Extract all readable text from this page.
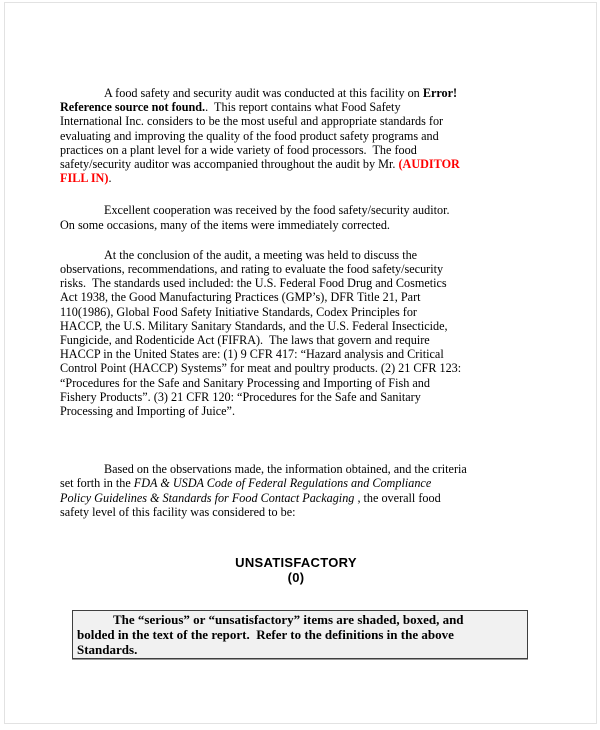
A food safety and security audit was conducted at this facility on Error!
Reference source not found..  This report contains what Food Safety
International Inc. considers to be the most useful and appropriate standards for
evaluating and improving the quality of the food product safety programs and
practices on a plant level for a wide variety of food processors.  The food
safety/security auditor was accompanied throughout the audit by Mr. (AUDITOR
FILL IN).
Excellent cooperation was received by the food safety/security auditor.
On some occasions, many of the items were immediately corrected.
At the conclusion of the audit, a meeting was held to discuss the
observations, recommendations, and rating to evaluate the food safety/security
risks.  The standards used included: the U.S. Federal Food Drug and Cosmetics
Act 1938, the Good Manufacturing Practices (GMP’s), DFR Title 21, Part
110(1986), Global Food Safety Initiative Standards, Codex Principles for
HACCP, the U.S. Military Sanitary Standards, and the U.S. Federal Insecticide,
Fungicide, and Rodenticide Act (FIFRA).  The laws that govern and require
HACCP in the United States are: (1) 9 CFR 417: “Hazard analysis and Critical
Control Point (HACCP) Systems” for meat and poultry products. (2) 21 CFR 123:
“Procedures for the Safe and Sanitary Processing and Importing of Fish and
Fishery Products”. (3) 21 CFR 120: “Procedures for the Safe and Sanitary
Processing and Importing of Juice”.
Based on the observations made, the information obtained, and the criteria
set forth in the FDA & USDA Code of Federal Regulations and Compliance
Policy Guidelines & Standards for Food Contact Packaging , the overall food
safety level of this facility was considered to be:
UNSATISFACTORY
(0)
The “serious” or “unsatisfactory” items are shaded, boxed, and
bolded in the text of the report.  Refer to the definitions in the above
Standards.
